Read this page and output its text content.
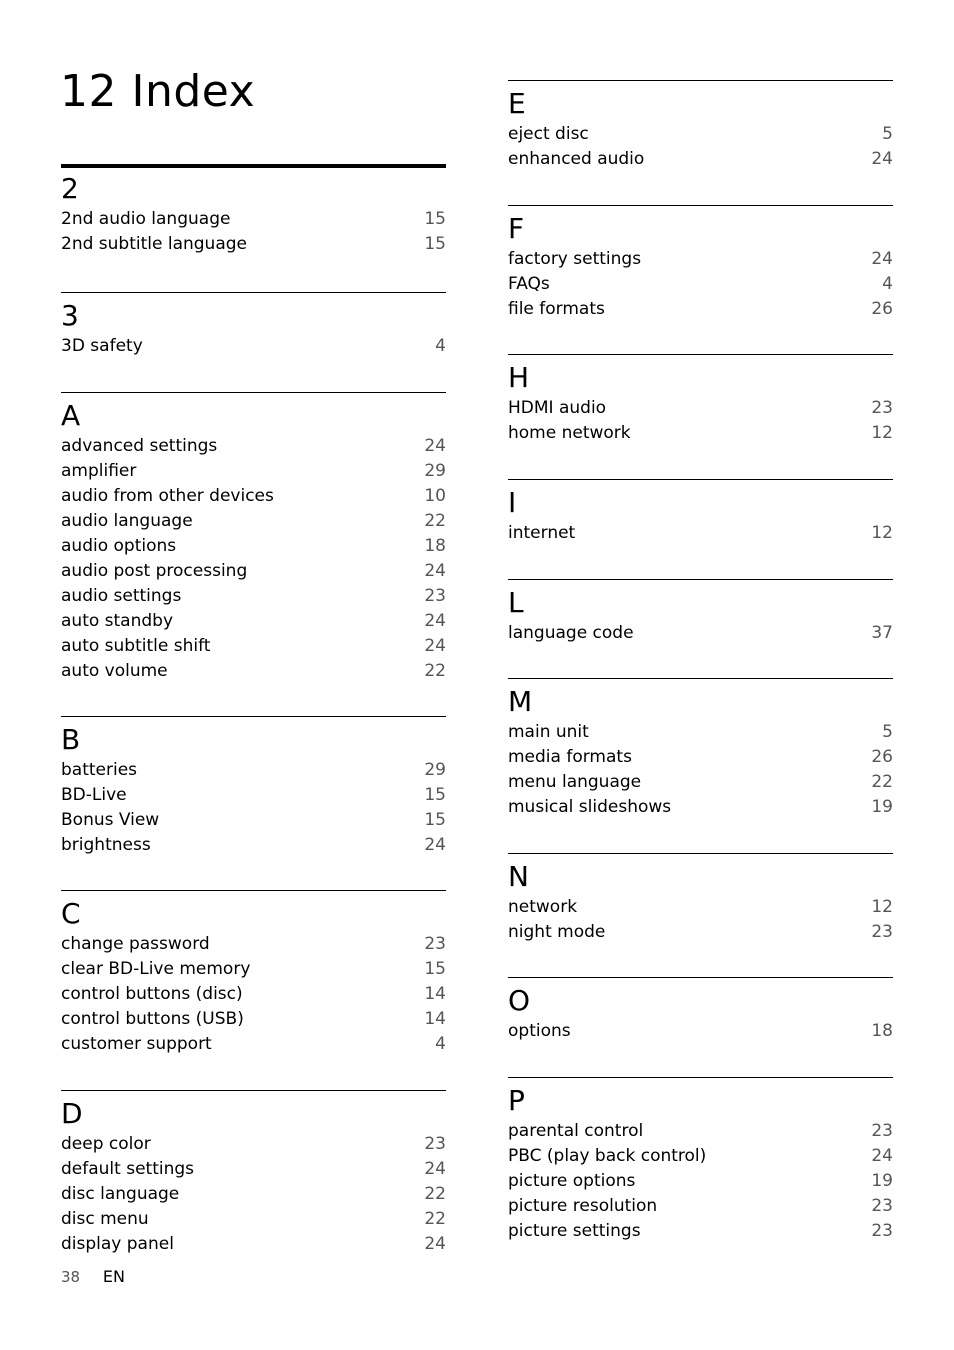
12 Index
2
2nd audio language	15
2nd subtitle language	15
3
3D safety	4
A
advanced settings	24
amplifier	29
audio from other devices	10
audio language	22
audio options	18
audio post processing	24
audio settings	23
auto standby	24
auto subtitle shift	24
auto volume	22
B
batteries	29
BD-Live	15
Bonus View	15
brightness	24
C
change password	23
clear BD-Live memory	15
control buttons (disc)	14
control buttons (USB)	14
customer support	4
D
deep color	23
default settings	24
disc language	22
disc menu	22
display panel	24
E
eject disc	5
enhanced audio	24
F
factory settings	24
FAQs	4
file formats	26
H
HDMI audio	23
home network	12
I
internet	12
L
language code	37
M
main unit	5
media formats	26
menu language	22
musical slideshows	19
N
network	12
night mode	23
O
options	18
P
parental control	23
PBC (play back control)	24
picture options	19
picture resolution	23
picture settings	23
38 EN
